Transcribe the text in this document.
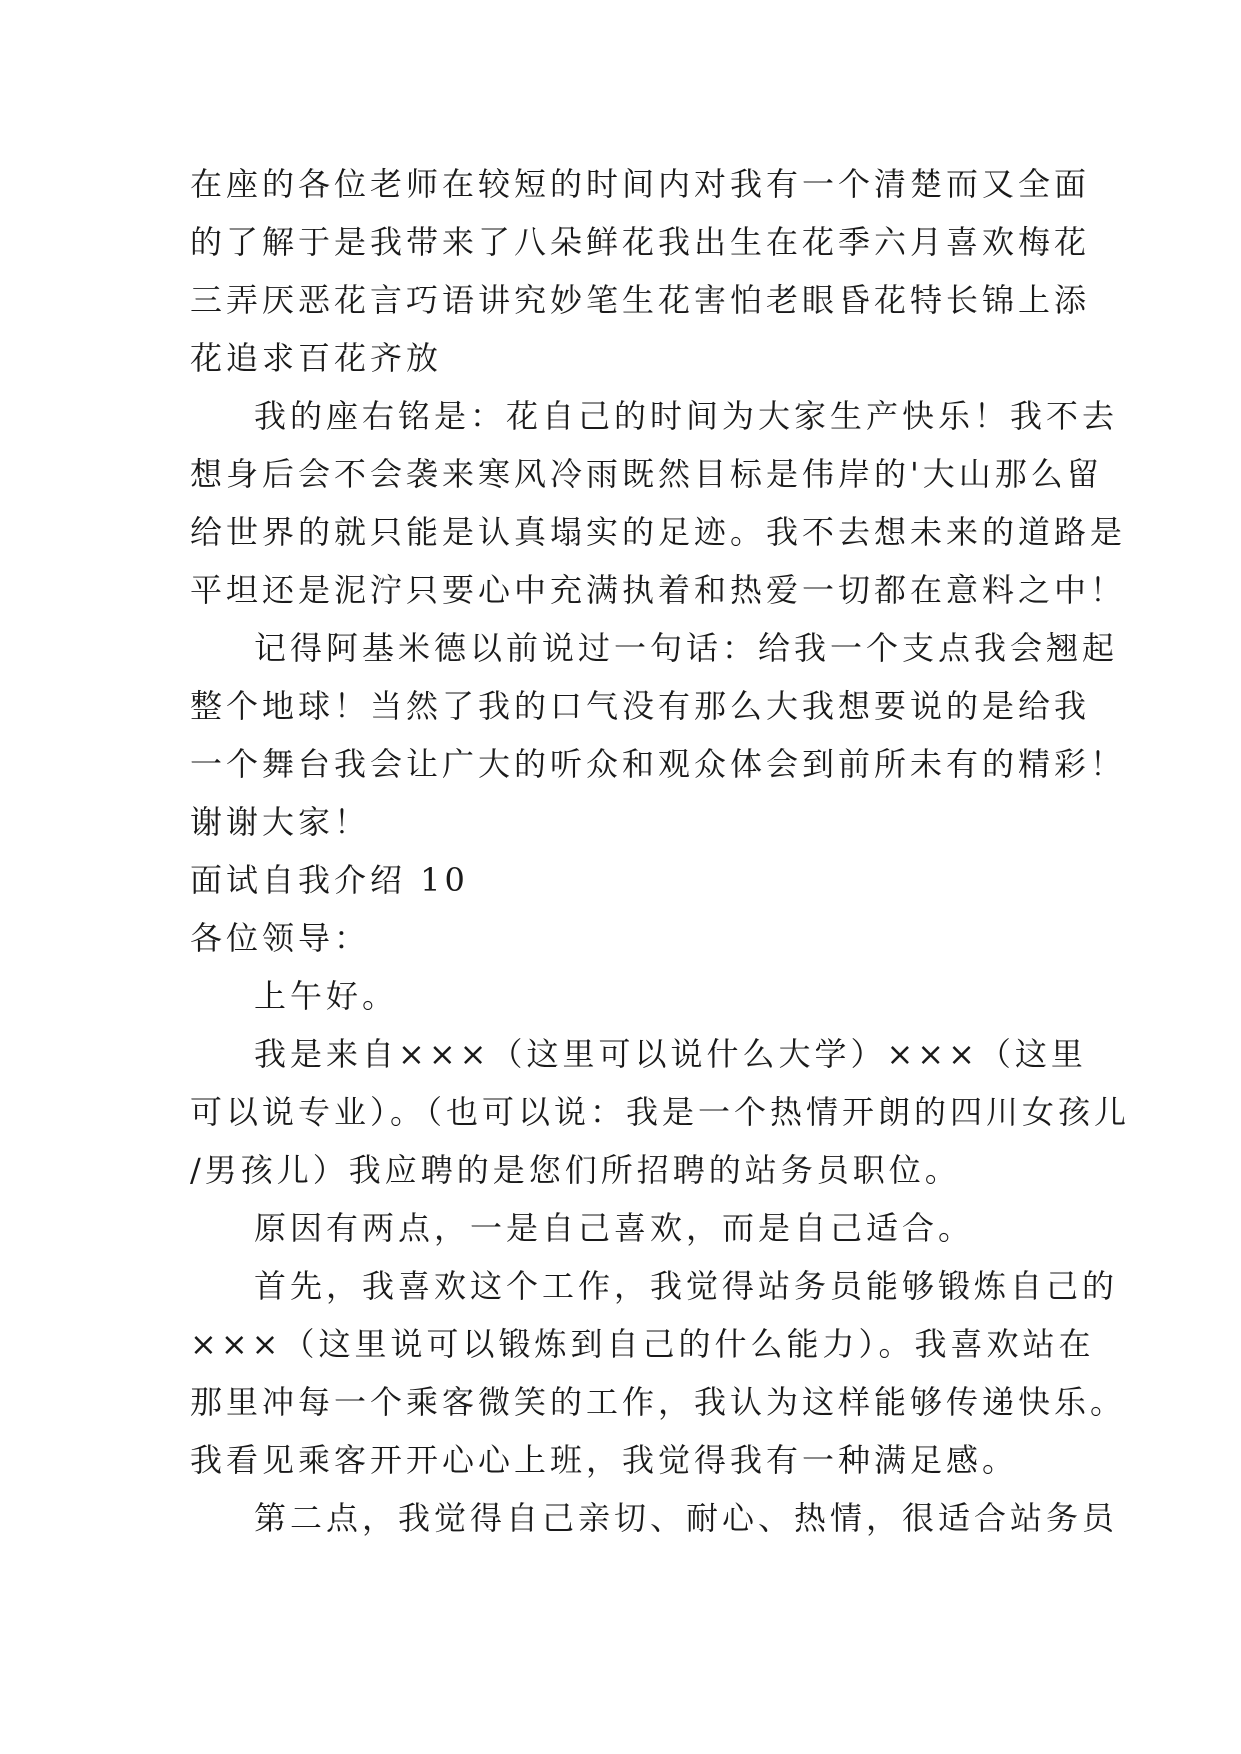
在座的各位老师在较短的时间内对我有一个清楚而又全面
的了解于是我带来了八朵鲜花我出生在花季六月喜欢梅花
三弄厌恶花言巧语讲究妙笔生花害怕老眼昏花特长锦上添
花追求百花齐放
我的座右铭是：花自己的时间为大家生产快乐！我不去
想身后会不会袭来寒风冷雨既然目标是伟岸的'大山那么留
给世界的就只能是认真塌实的足迹。我不去想未来的道路是
平坦还是泥泞只要心中充满执着和热爱一切都在意料之中！
记得阿基米德以前说过一句话：给我一个支点我会翘起
整个地球！当然了我的口气没有那么大我想要说的是给我
一个舞台我会让广大的听众和观众体会到前所未有的精彩！
谢谢大家！
面试自我介绍 10
各位领导：
上午好。
我是来自×××（这里可以说什么大学）×××（这里
可以说专业）。（也可以说：我是一个热情开朗的四川女孩儿
/男孩儿）我应聘的是您们所招聘的站务员职位。
原因有两点，一是自己喜欢，而是自己适合。
首先，我喜欢这个工作，我觉得站务员能够锻炼自己的
×××（这里说可以锻炼到自己的什么能力）。我喜欢站在
那里冲每一个乘客微笑的工作，我认为这样能够传递快乐。
我看见乘客开开心心上班，我觉得我有一种满足感。
第二点，我觉得自己亲切、耐心、热情，很适合站务员
